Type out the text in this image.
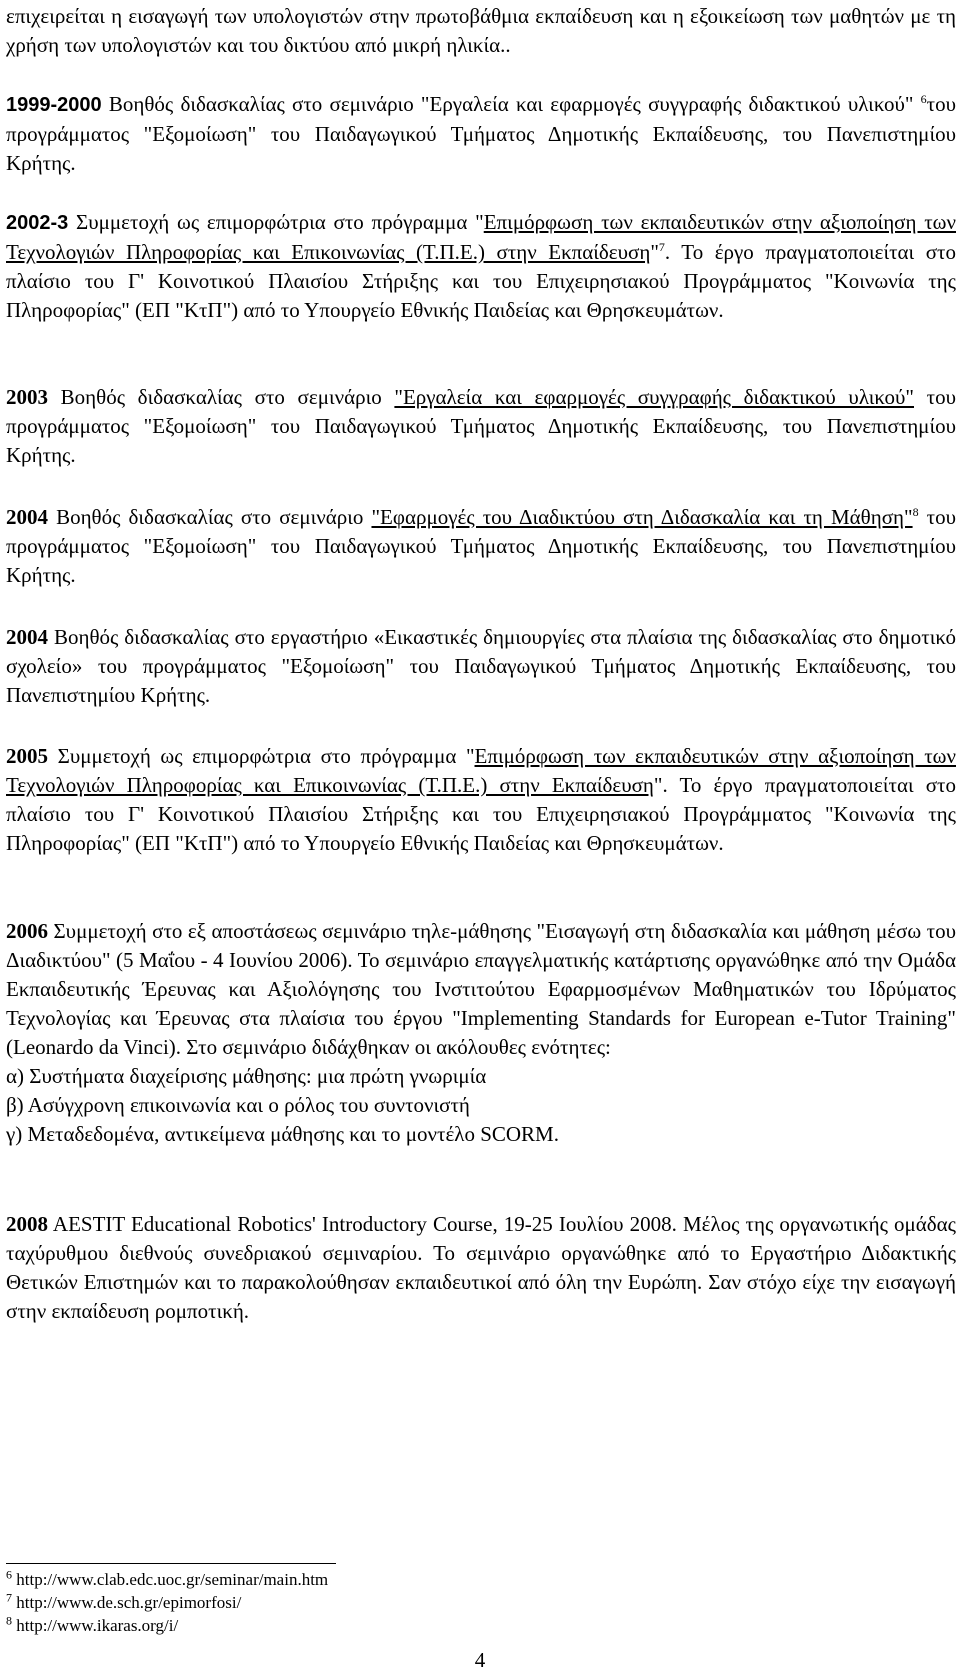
επιχειρείται η εισαγωγή των υπολογιστών στην πρωτοβάθμια εκπαίδευση και η εξοικείωση των μαθητών με τη χρήση των υπολογιστών και του δικτύου από μικρή ηλικία..

1999-2000 Βοηθός διδασκαλίας στο σεμινάριο "Εργαλεία και εφαρμογές συγγραφής διδακτικού υλικού" $^6$του προγράμματος "Εξομοίωση" του Παιδαγωγικού Τμήματος Δημοτικής Εκπαίδευσης, του Πανεπιστημίου Κρήτης.

2002-3 Συμμετοχή ως επιμορφώτρια στο πρόγραμμα "Επιμόρφωση των εκπαιδευτικών στην αξιοποίηση των Τεχνολογιών Πληροφορίας και Επικοινωνίας (Τ.Π.Ε.) στην Εκπαίδευση"$^7$. Το έργο πραγματοποιείται στο πλαίσιο του Γ' Κοινοτικού Πλαισίου Στήριξης και του Επιχειρησιακού Προγράμματος "Κοινωνία της Πληροφορίας" (ΕΠ "ΚτΠ") από το Υπουργείο Εθνικής Παιδείας και Θρησκευμάτων.

2003 Βοηθός διδασκαλίας στο σεμινάριο "Εργαλεία και εφαρμογές συγγραφής διδακτικού υλικού" του προγράμματος "Εξομοίωση" του Παιδαγωγικού Τμήματος Δημοτικής Εκπαίδευσης, του Πανεπιστημίου Κρήτης.

2004 Βοηθός διδασκαλίας στο σεμινάριο "Εφαρμογές του Διαδικτύου στη Διδασκαλία και τη Μάθηση"$^8$ του προγράμματος "Εξομοίωση" του Παιδαγωγικού Τμήματος Δημοτικής Εκπαίδευσης, του Πανεπιστημίου Κρήτης.

2004 Βοηθός διδασκαλίας στο εργαστήριο «Εικαστικές δημιουργίες στα πλαίσια της διδασκαλίας στο δημοτικό σχολείο» του προγράμματος "Εξομοίωση" του Παιδαγωγικού Τμήματος Δημοτικής Εκπαίδευσης, του Πανεπιστημίου Κρήτης.

2005 Συμμετοχή ως επιμορφώτρια στο πρόγραμμα "Επιμόρφωση των εκπαιδευτικών στην αξιοποίηση των Τεχνολογιών Πληροφορίας και Επικοινωνίας (Τ.Π.Ε.) στην Εκπαίδευση". Το έργο πραγματοποιείται στο πλαίσιο του Γ' Κοινοτικού Πλαισίου Στήριξης και του Επιχειρησιακού Προγράμματος "Κοινωνία της Πληροφορίας" (ΕΠ "ΚτΠ") από το Υπουργείο Εθνικής Παιδείας και Θρησκευμάτων.

2006 Συμμετοχή στο εξ αποστάσεως σεμινάριο τηλε-μάθησης "Εισαγωγή στη διδασκαλία και μάθηση μέσω του Διαδικτύου" (5 Μαΐου - 4 Ιουνίου 2006). Το σεμινάριο επαγγελματικής κατάρτισης οργανώθηκε από την Ομάδα Εκπαιδευτικής Έρευνας και Αξιολόγησης του Ινστιτούτου Εφαρμοσμένων Μαθηματικών του Ιδρύματος Τεχνολογίας και Έρευνας στα πλαίσια του έργου "Implementing Standards for European e-Tutor Training" (Leonardo da Vinci). Στο σεμινάριο διδάχθηκαν οι ακόλουθες ενότητες:
α) Συστήματα διαχείρισης μάθησης: μια πρώτη γνωριμία
β) Ασύγχρονη επικοινωνία και ο ρόλος του συντονιστή
γ) Μεταδεδομένα, αντικείμενα μάθησης και το μοντέλο SCORM.

2008 AESTIT Educational Robotics' Introductory Course, 19-25 Ιουλίου 2008. Μέλος της οργανωτικής ομάδας ταχύρυθμου διεθνούς συνεδριακού σεμιναρίου. Το σεμινάριο οργανώθηκε από το Εργαστήριο Διδακτικής Θετικών Επιστημών και το παρακολούθησαν εκπαιδευτικοί από όλη την Ευρώπη. Σαν στόχο είχε την εισαγωγή στην εκπαίδευση ρομποτική.

$^6$ http://www.clab.edc.uoc.gr/seminar/main.htm
$^7$ http://www.de.sch.gr/epimorfosi/
$^8$ http://www.ikaras.org/i/
4
